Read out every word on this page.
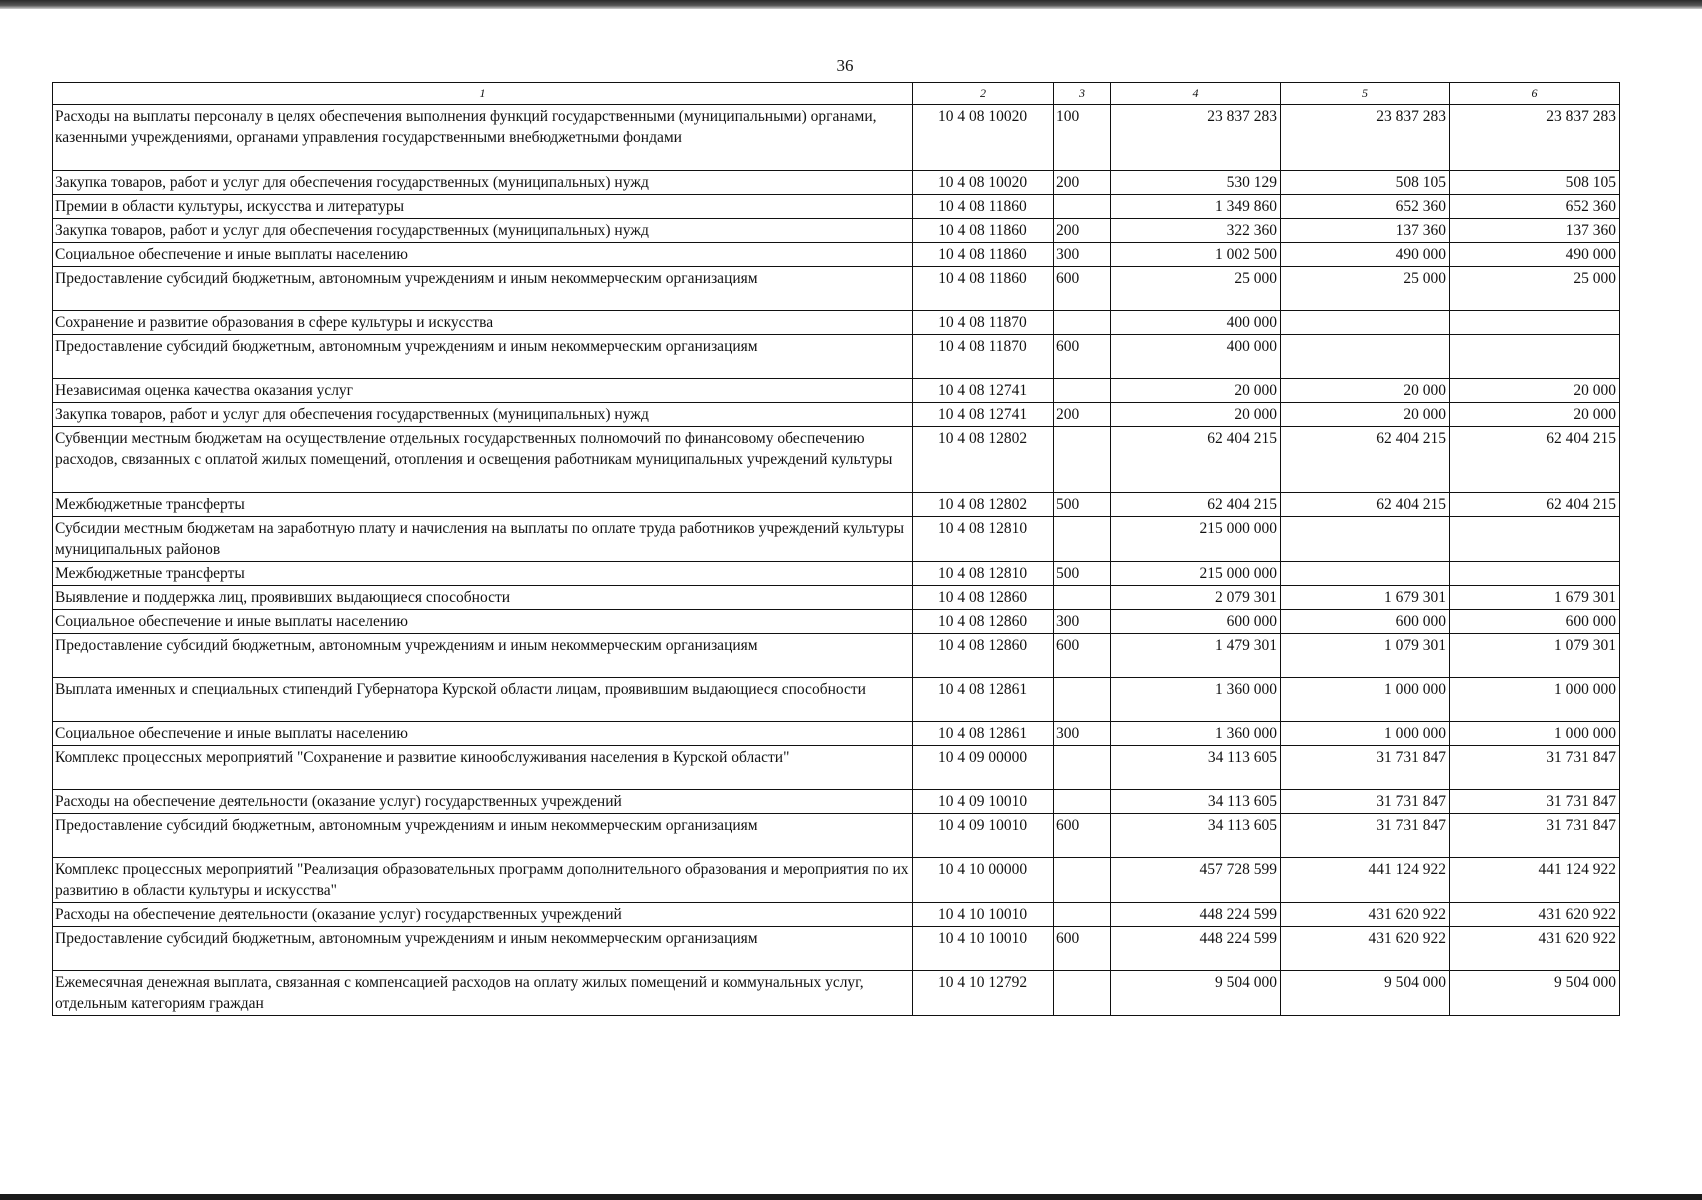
36
1	2	3	4	5	6
Расходы на выплаты персоналу в целях обеспечения выполнения функций государственными (муниципальными) органами, казенными учреждениями, органами управления государственными внебюджетными фондами	10 4 08 10020	100	23 837 283	23 837 283	23 837 283
Закупка товаров, работ и услуг для обеспечения государственных (муниципальных) нужд	10 4 08 10020	200	530 129	508 105	508 105
Премии в области культуры, искусства и литературы	10 4 08 11860		1 349 860	652 360	652 360
Закупка товаров, работ и услуг для обеспечения государственных (муниципальных) нужд	10 4 08 11860	200	322 360	137 360	137 360
Социальное обеспечение и иные выплаты населению	10 4 08 11860	300	1 002 500	490 000	490 000
Предоставление субсидий бюджетным, автономным учреждениям и иным некоммерческим организациям	10 4 08 11860	600	25 000	25 000	25 000
Сохранение и развитие образования в сфере культуры и искусства	10 4 08 11870		400 000		
Предоставление субсидий бюджетным, автономным учреждениям и иным некоммерческим организациям	10 4 08 11870	600	400 000		
Независимая оценка качества оказания услуг	10 4 08 12741		20 000	20 000	20 000
Закупка товаров, работ и услуг для обеспечения государственных (муниципальных) нужд	10 4 08 12741	200	20 000	20 000	20 000
Субвенции местным бюджетам на осуществление отдельных государственных полномочий по финансовому обеспечению расходов, связанных с оплатой жилых помещений, отопления и освещения работникам муниципальных учреждений культуры	10 4 08 12802		62 404 215	62 404 215	62 404 215
Межбюджетные трансферты	10 4 08 12802	500	62 404 215	62 404 215	62 404 215
Субсидии местным бюджетам на заработную плату и начисления на выплаты по оплате труда работников учреждений культуры муниципальных районов	10 4 08 12810		215 000 000		
Межбюджетные трансферты	10 4 08 12810	500	215 000 000		
Выявление и поддержка лиц, проявивших выдающиеся способности	10 4 08 12860		2 079 301	1 679 301	1 679 301
Социальное обеспечение и иные выплаты населению	10 4 08 12860	300	600 000	600 000	600 000
Предоставление субсидий бюджетным, автономным учреждениям и иным некоммерческим организациям	10 4 08 12860	600	1 479 301	1 079 301	1 079 301
Выплата именных и специальных стипендий Губернатора Курской области лицам, проявившим выдающиеся способности	10 4 08 12861		1 360 000	1 000 000	1 000 000
Социальное обеспечение и иные выплаты населению	10 4 08 12861	300	1 360 000	1 000 000	1 000 000
Комплекс процессных мероприятий "Сохранение и развитие кинообслуживания населения в Курской области"	10 4 09 00000		34 113 605	31 731 847	31 731 847
Расходы на обеспечение деятельности (оказание услуг) государственных учреждений	10 4 09 10010		34 113 605	31 731 847	31 731 847
Предоставление субсидий бюджетным, автономным учреждениям и иным некоммерческим организациям	10 4 09 10010	600	34 113 605	31 731 847	31 731 847
Комплекс процессных мероприятий "Реализация образовательных программ дополнительного образования и мероприятия по их развитию в области культуры и искусства"	10 4 10 00000		457 728 599	441 124 922	441 124 922
Расходы на обеспечение деятельности (оказание услуг) государственных учреждений	10 4 10 10010		448 224 599	431 620 922	431 620 922
Предоставление субсидий бюджетным, автономным учреждениям и иным некоммерческим организациям	10 4 10 10010	600	448 224 599	431 620 922	431 620 922
Ежемесячная денежная выплата, связанная с компенсацией расходов на оплату жилых помещений и коммунальных услуг, отдельным категориям граждан	10 4 10 12792		9 504 000	9 504 000	9 504 000
